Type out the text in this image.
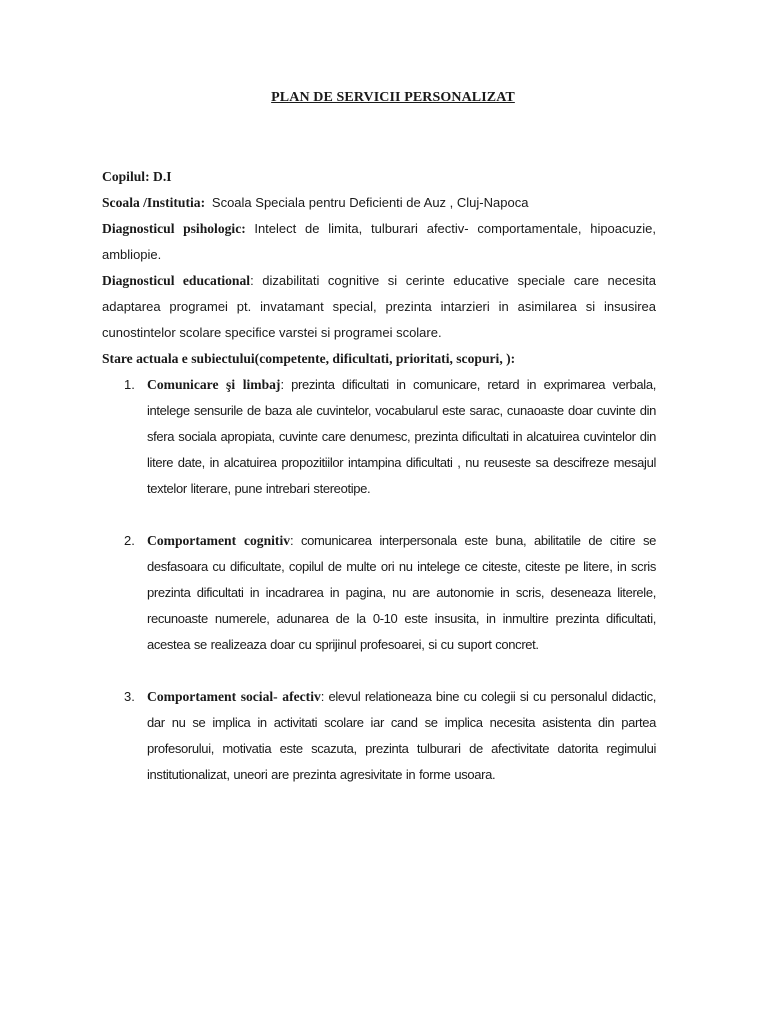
PLAN DE SERVICII PERSONALIZAT
Copilul: D.I
Scoala /Institutia: Scoala Speciala pentru Deficienti de Auz , Cluj-Napoca
Diagnosticul psihologic: Intelect de limita, tulburari afectiv- comportamentale, hipoacuzie, ambliopie.
Diagnosticul educational: dizabilitati cognitive si cerinte educative speciale care necesita adaptarea programei pt. invatamant special, prezinta intarzieri in asimilarea si insusirea cunostintelor scolare specifice varstei si programei scolare.
Stare actuala e subiectului(competente, dificultati, prioritati, scopuri, ):
1. Comunicare şi limbaj: prezinta dificultati in comunicare, retard in exprimarea verbala, intelege sensurile de baza ale cuvintelor, vocabularul este sarac, cunaoaste doar cuvinte din sfera sociala apropiata, cuvinte care denumesc, prezinta dificultati in alcatuirea cuvintelor din litere date, in alcatuirea propozitiilor intampina dificultati , nu reuseste sa descifreze mesajul textelor literare, pune intrebari stereotipe.
2. Comportament cognitiv: comunicarea interpersonala este buna, abilitatile de citire se desfasoara cu dificultate, copilul de multe ori nu intelege ce citeste, citeste pe litere, in scris prezinta dificultati in incadrarea in pagina, nu are autonomie in scris, deseneaza literele, recunoaste numerele, adunarea de la 0-10 este insusita, in inmultire prezinta dificultati, acestea se realizeaza doar cu sprijinul profesoarei, si cu suport concret.
3. Comportament social- afectiv: elevul relationeaza bine cu colegii si cu personalul didactic, dar nu se implica in activitati scolare iar cand se implica necesita asistenta din partea profesorului, motivatia este scazuta, prezinta tulburari de afectivitate datorita regimului institutionalizat, uneori are prezinta agresivitate in forme usoara.
